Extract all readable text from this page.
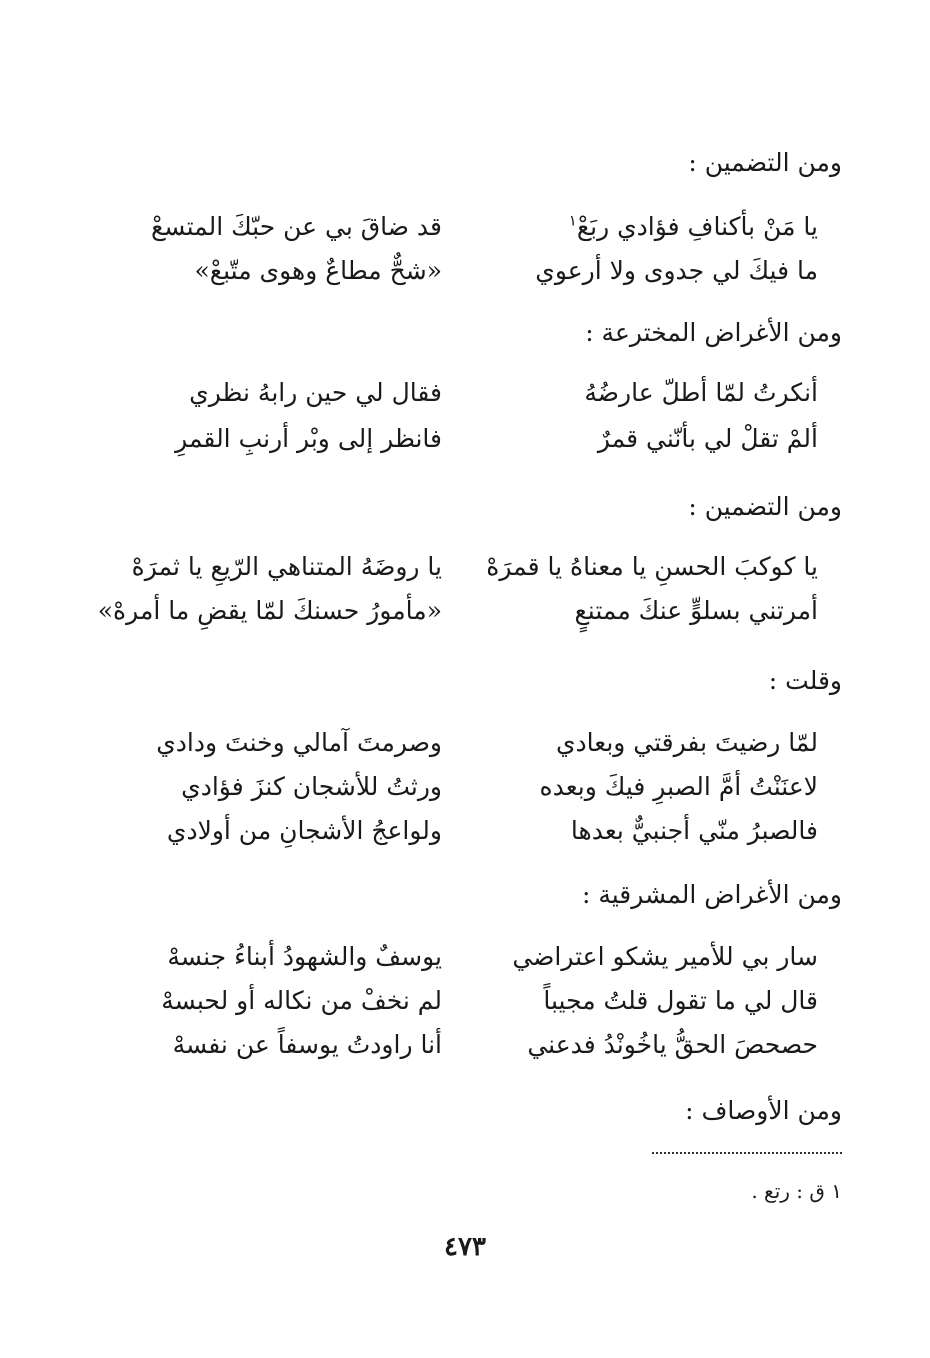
ومن التضمين :
يا مَنْ بأكنافِ فؤادي ربَعْ$^١$
قد ضاقَ بي عن حبّكَ المتسعْ
ما فيكَ لي جدوى ولا أرعوي
«شحٌّ مطاعٌ وهوى متّبعْ»
ومن الأغراض المخترعة :
أنكرتُ لمّا أطلّ عارضُهُ
فقال لي حين رابهُ نظري
ألمْ تقلْ لي بأنّني قمرٌ
فانظر إلى وبْر أرنبِ القمرِ
ومن التضمين :
يا كوكبَ الحسنِ يا معناهُ يا قمرَهْ
يا روضَهُ المتناهي الرّيعِ يا ثمرَهْ
أمرتني بسلوٍّ عنكَ ممتنعٍ
«مأمورُ حسنكَ لمّا يقضِ ما أمرهْ»
وقلت :
لمّا رضيتَ بفرقتي وبعادي
وصرمتَ آمالي وخنتَ ودادي
لاعنَنْتُ أمَّ الصبرِ فيكَ وبعده
ورثتُ للأشجان كنزَ فؤادي
فالصبرُ منّي أجنبيٌّ بعدها
ولواعجُ الأشجانِ من أولادي
ومن الأغراض المشرقية :
سار بي للأمير يشكو اعتراضي
يوسفٌ والشهودُ أبناءُ جنسهْ
قال لي ما تقول قلتُ مجيباً
لم نخفْ من نكاله أو لحبسهْ
حصحصَ الحقُّ ياخُونْدُ فدعني
أنا راودتُ يوسفاً عن نفسهْ
ومن الأوصاف :
١ ق : رتع .
٤٧٣
